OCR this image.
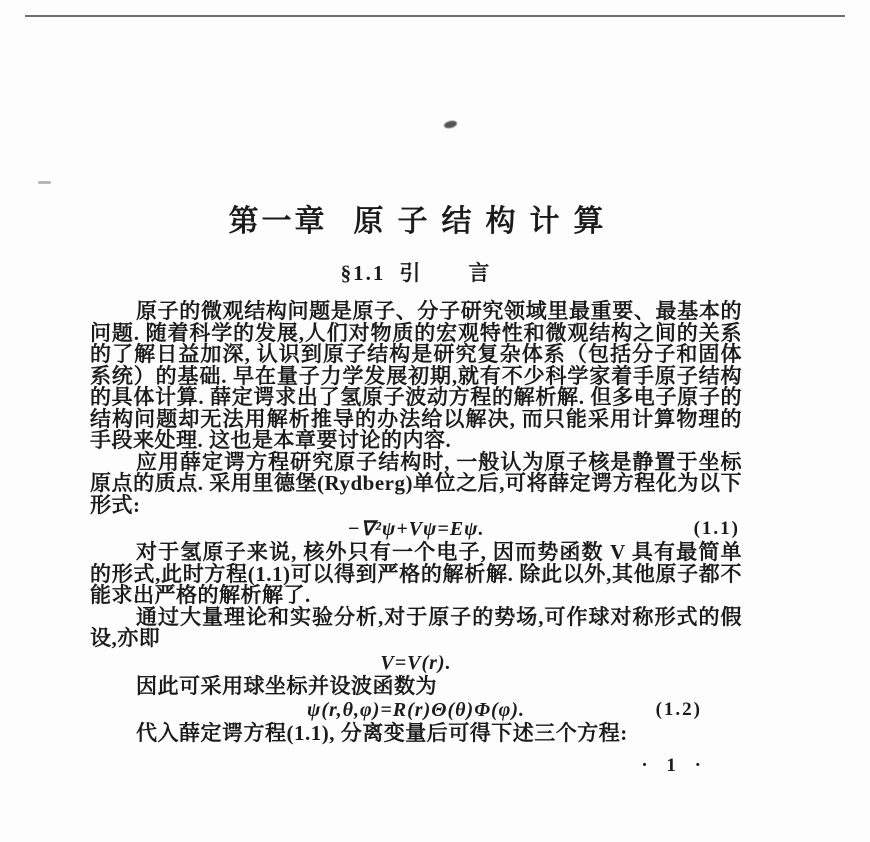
第一章 原子结构计算
§1.1 引　　言

原子的微观结构问题是原子、分子研究领域里最重要、最基本的问题. 随着科学的发展,人们对物质的宏观特性和微观结构之间的关系的了解日益加深, 认识到原子结构是研究复杂体系（包括分子和固体系统）的基础. 早在量子力学发展初期,就有不少科学家着手原子结构的具体计算. 薛定谔求出了氢原子波动方程的解析解. 但多电子原子的结构问题却无法用解析推导的办法给以解决, 而只能采用计算物理的手段来处理. 这也是本章要讨论的内容.

应用薛定谔方程研究原子结构时, 一般认为原子核是静置于坐标原点的质点. 采用里德堡(Rydberg)单位之后,可将薛定谔方程化为以下形式:

−∇²ψ+Vψ=Eψ.	(1.1)

对于氢原子来说, 核外只有一个电子, 因而势函数 V 具有最简单的形式,此时方程(1.1)可以得到严格的解析解. 除此以外,其他原子都不能求出严格的解析解了.

通过大量理论和实验分析,对于原子的势场,可作球对称形式的假设,亦即

V=V(r).

因此可采用球坐标并设波函数为

ψ(r,θ,φ)=R(r)Θ(θ)Φ(φ).	(1.2)

代入薛定谔方程(1.1), 分离变量后可得下述三个方程:

· 1 ·
